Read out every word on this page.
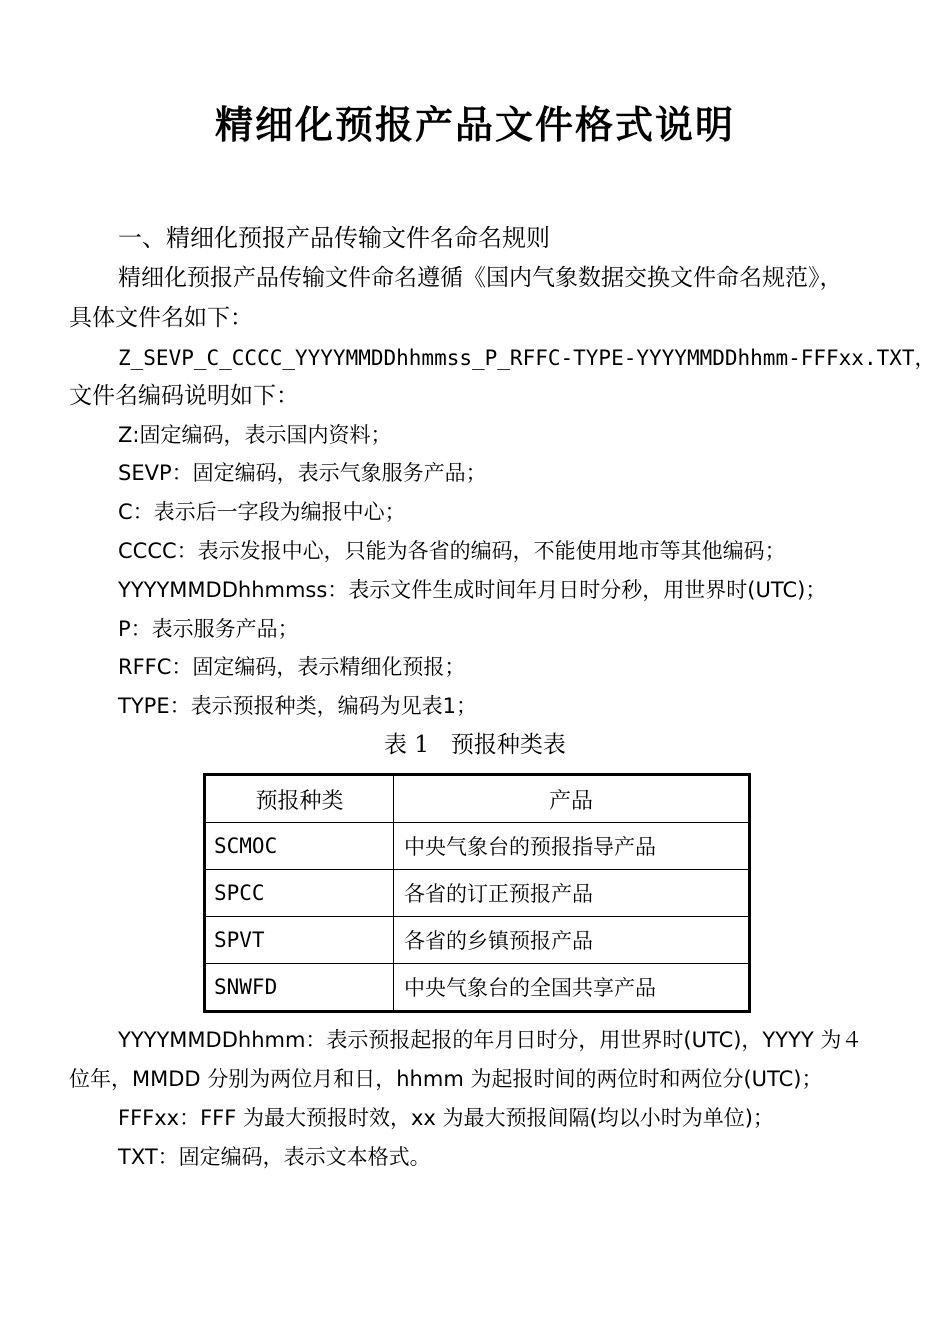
精细化预报产品文件格式说明
一、精细化预报产品传输文件名命名规则
精细化预报产品传输文件命名遵循《国内气象数据交换文件命名规范》，
具体文件名如下：
Z_SEVP_C_CCCC_YYYYMMDDhhmmss_P_RFFC-TYPE-YYYYMMDDhhmm-FFFxx.TXT，
文件名编码说明如下：
Z:固定编码，表示国内资料；
SEVP：固定编码，表示气象服务产品；
C：表示后一字段为编报中心；
CCCC：表示发报中心，只能为各省的编码，不能使用地市等其他编码；
YYYYMMDDhhmmss：表示文件生成时间年月日时分秒，用世界时(UTC)；
P：表示服务产品；
RFFC：固定编码，表示精细化预报；
TYPE：表示预报种类，编码为见表1；
表 1   预报种类表
预报种类	产品
SCMOC	中央气象台的预报指导产品
SPCC	各省的订正预报产品
SPVT	各省的乡镇预报产品
SNWFD	中央气象台的全国共享产品
YYYYMMDDhhmm：表示预报起报的年月日时分，用世界时(UTC)，YYYY 为４
位年，MMDD 分别为两位月和日，hhmm 为起报时间的两位时和两位分(UTC)；
FFFxx：FFF 为最大预报时效，xx 为最大预报间隔(均以小时为单位)；
TXT：固定编码，表示文本格式。
